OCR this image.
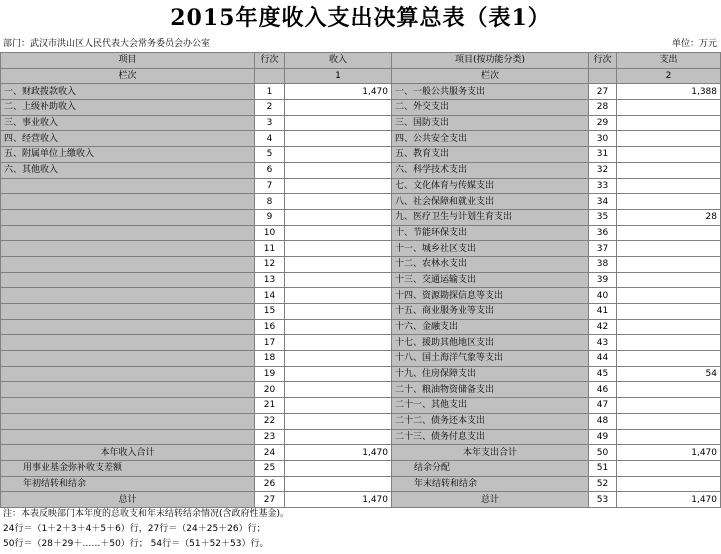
2015年度收入支出决算总表（表1）
部门：武汉市洪山区人民代表大会常务委员会办公室	单位：万元
项目	行次	收入	项目(按功能分类)	行次	支出
栏次		1	栏次		2
一、财政拨款收入	1	1,470	一、一般公共服务支出	27	1,388
二、上级补助收入	2		二、外交支出	28	
三、事业收入	3		三、国防支出	29	
四、经营收入	4		四、公共安全支出	30	
五、附属单位上缴收入	5		五、教育支出	31	
六、其他收入	6		六、科学技术支出	32	
	7		七、文化体育与传媒支出	33	
	8		八、社会保障和就业支出	34	
	9		九、医疗卫生与计划生育支出	35	28
	10		十、节能环保支出	36	
	11		十一、城乡社区支出	37	
	12		十二、农林水支出	38	
	13		十三、交通运输支出	39	
	14		十四、资源勘探信息等支出	40	
	15		十五、商业服务业等支出	41	
	16		十六、金融支出	42	
	17		十七、援助其他地区支出	43	
	18		十八、国土海洋气象等支出	44	
	19		十九、住房保障支出	45	54
	20		二十、粮油物资储备支出	46	
	21		二十一、其他支出	47	
	22		二十二、债务还本支出	48	
	23		二十三、债务付息支出	49	
本年收入合计	24	1,470	本年支出合计	50	1,470
用事业基金弥补收支差额	25		结余分配	51	
年初结转和结余	26		年末结转和结余	52	
总计	27	1,470	总计	53	1,470
注：本表反映部门本年度的总收支和年末结转结余情况(含政府性基金)。
24行＝（1＋2＋3＋4＋5＋6）行，27行＝（24＋25＋26）行；
50行＝（28＋29＋……＋50）行； 54行＝（51＋52＋53）行。
